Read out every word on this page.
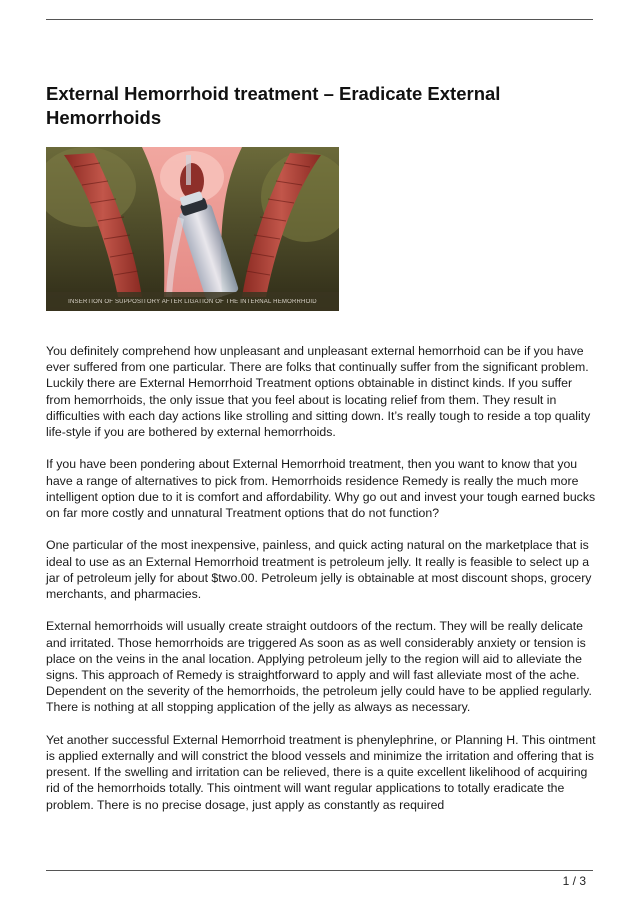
External Hemorrhoid treatment – Eradicate External Hemorrhoids
INSERTION OF SUPPOSITORY AFTER LIGATION OF THE INTERNAL HEMORRHOID

You definitely comprehend how unpleasant and unpleasant external hemorrhoid can be if you have ever suffered from one particular. There are folks that continually suffer from the significant problem. Luckily there are External Hemorrhoid Treatment options obtainable in distinct kinds. If you suffer from hemorrhoids, the only issue that you feel about is locating relief from them. They result in difficulties with each day actions like strolling and sitting down. It’s really tough to reside a top quality life-style if you are bothered by external hemorrhoids.

If you have been pondering about External Hemorrhoid treatment, then you want to know that you have a range of alternatives to pick from. Hemorrhoids residence Remedy is really the much more intelligent option due to it is comfort and affordability. Why go out and invest your tough earned bucks on far more costly and unnatural Treatment options that do not function?

One particular of the most inexpensive, painless, and quick acting natural on the marketplace that is ideal to use as an External Hemorrhoid treatment is petroleum jelly. It really is feasible to select up a jar of petroleum jelly for about $two.00. Petroleum jelly is obtainable at most discount shops, grocery merchants, and pharmacies.

External hemorrhoids will usually create straight outdoors of the rectum. They will be really delicate and irritated. Those hemorrhoids are triggered As soon as as well considerably anxiety or tension is place on the veins in the anal location. Applying petroleum jelly to the region will aid to alleviate the signs. This approach of Remedy is straightforward to apply and will fast alleviate most of the ache. Dependent on the severity of the hemorrhoids, the petroleum jelly could have to be applied regularly. There is nothing at all stopping application of the jelly as always as necessary.

Yet another successful External Hemorrhoid treatment is phenylephrine, or Planning H. This ointment is applied externally and will constrict the blood vessels and minimize the irritation and offering that is present. If the swelling and irritation can be relieved, there is a quite excellent likelihood of acquiring rid of the hemorrhoids totally. This ointment will want regular applications to totally eradicate the problem. There is no precise dosage, just apply as constantly as required

1 / 3
